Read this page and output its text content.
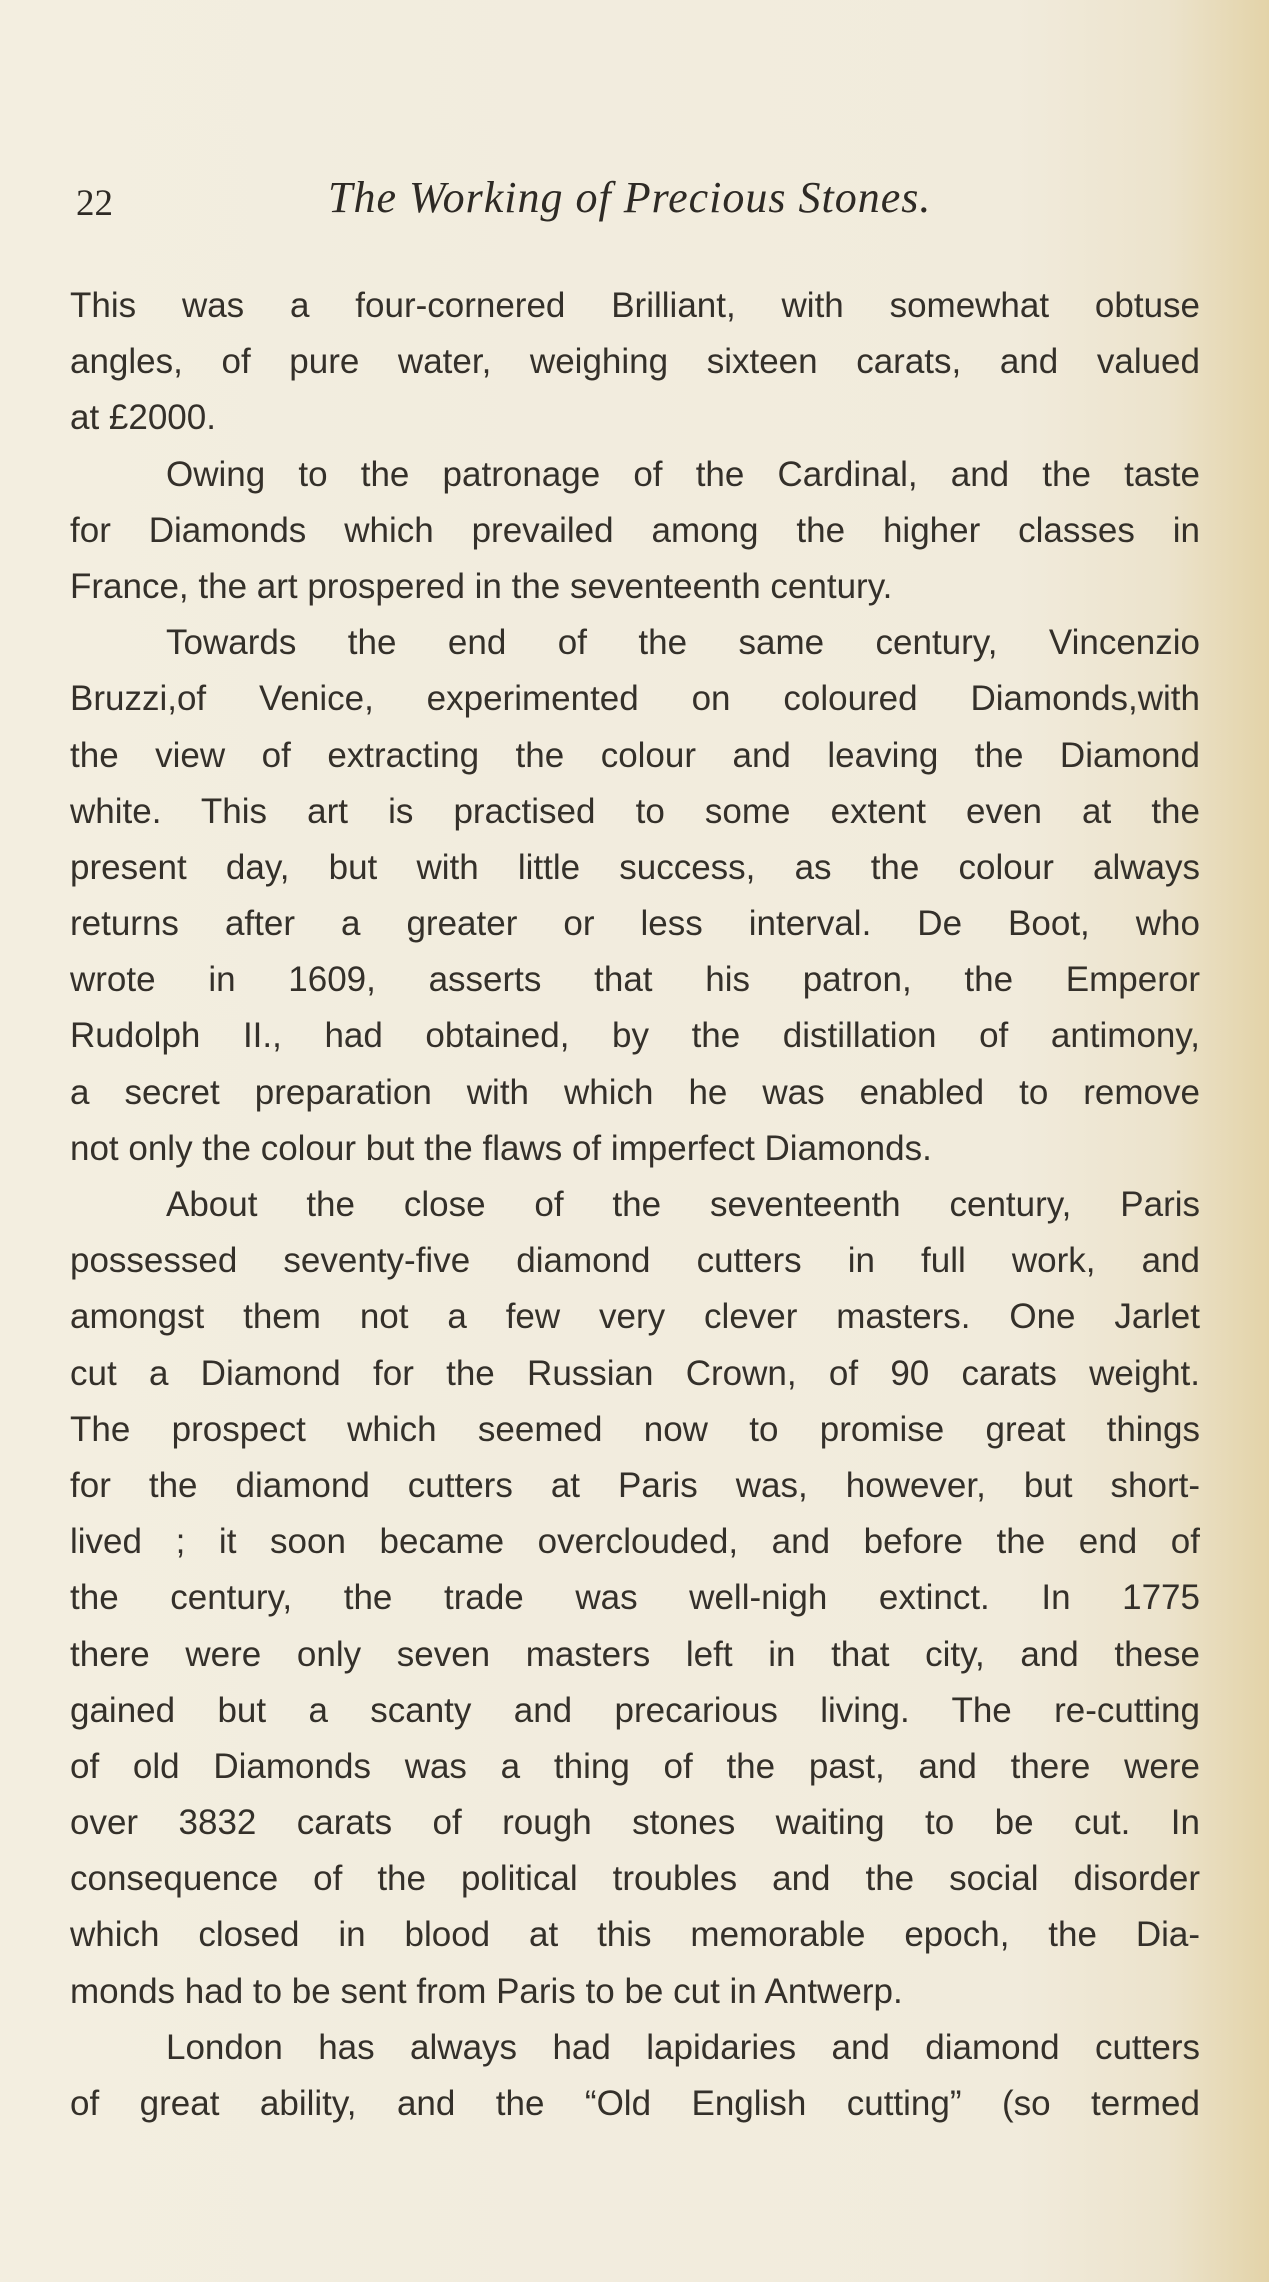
22	The Working of Precious Stones.
This was a four-cornered Brilliant, with somewhat obtuse
angles, of pure water, weighing sixteen carats, and valued
at £2000.
Owing to the patronage of the Cardinal, and the taste
for Diamonds which prevailed among the higher classes in
France, the art prospered in the seventeenth century.
Towards the end of the same century, Vincenzio
Bruzzi,of Venice, experimented on coloured Diamonds,with
the view of extracting the colour and leaving the Diamond
white. This art is practised to some extent even at the
present day, but with little success, as the colour always
returns after a greater or less interval. De Boot, who
wrote in 1609, asserts that his patron, the Emperor
Rudolph II., had obtained, by the distillation of antimony,
a secret preparation with which he was enabled to remove
not only the colour but the flaws of imperfect Diamonds.
About the close of the seventeenth century, Paris
possessed seventy-five diamond cutters in full work, and
amongst them not a few very clever masters. One Jarlet
cut a Diamond for the Russian Crown, of 90 carats weight.
The prospect which seemed now to promise great things
for the diamond cutters at Paris was, however, but short-
lived ; it soon became overclouded, and before the end of
the century, the trade was well-nigh extinct. In 1775
there were only seven masters left in that city, and these
gained but a scanty and precarious living. The re-cutting
of old Diamonds was a thing of the past, and there were
over 3832 carats of rough stones waiting to be cut. In
consequence of the political troubles and the social disorder
which closed in blood at this memorable epoch, the Dia-
monds had to be sent from Paris to be cut in Antwerp.
London has always had lapidaries and diamond cutters
of great ability, and the “Old English cutting” (so termed
